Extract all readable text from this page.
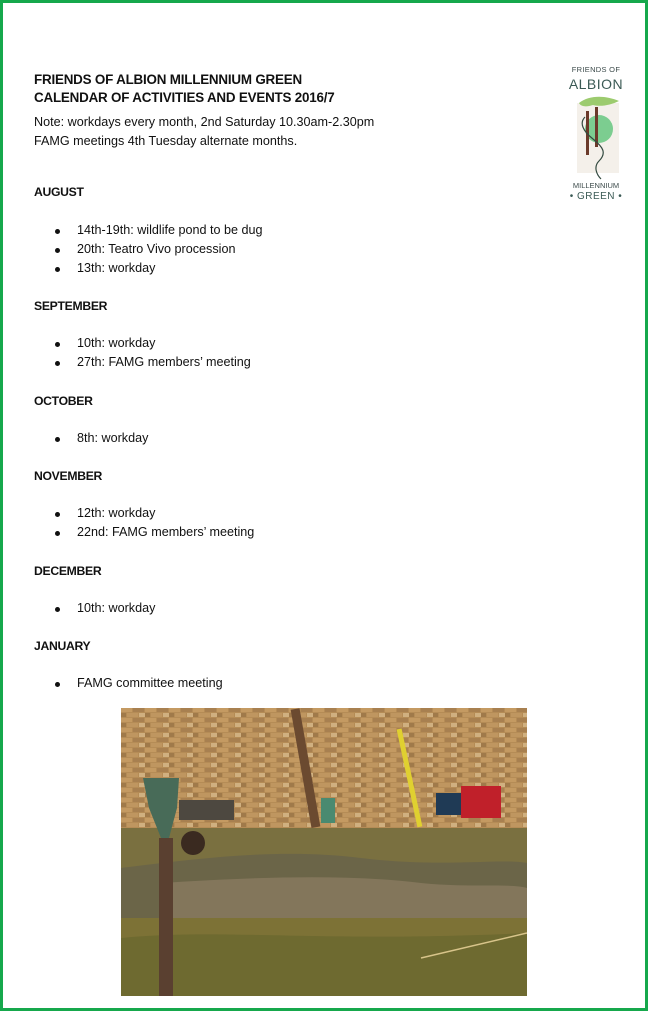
FRIENDS OF ALBION MILLENNIUM GREEN
CALENDAR OF ACTIVITIES AND EVENTS 2016/7
Note: workdays every month, 2nd Saturday 10.30am-2.30pm
FAMG meetings 4th Tuesday alternate months.
FRIENDS OF
ALBION
MILLENNIUM
• GREEN •
AUGUST
14th-19th: wildlife pond to be dug
20th: Teatro Vivo procession
13th: workday
SEPTEMBER
10th: workday
27th: FAMG members’ meeting
OCTOBER
8th: workday
NOVEMBER
12th: workday
22nd: FAMG members’ meeting
DECEMBER
10th: workday
JANUARY
FAMG committee meeting
